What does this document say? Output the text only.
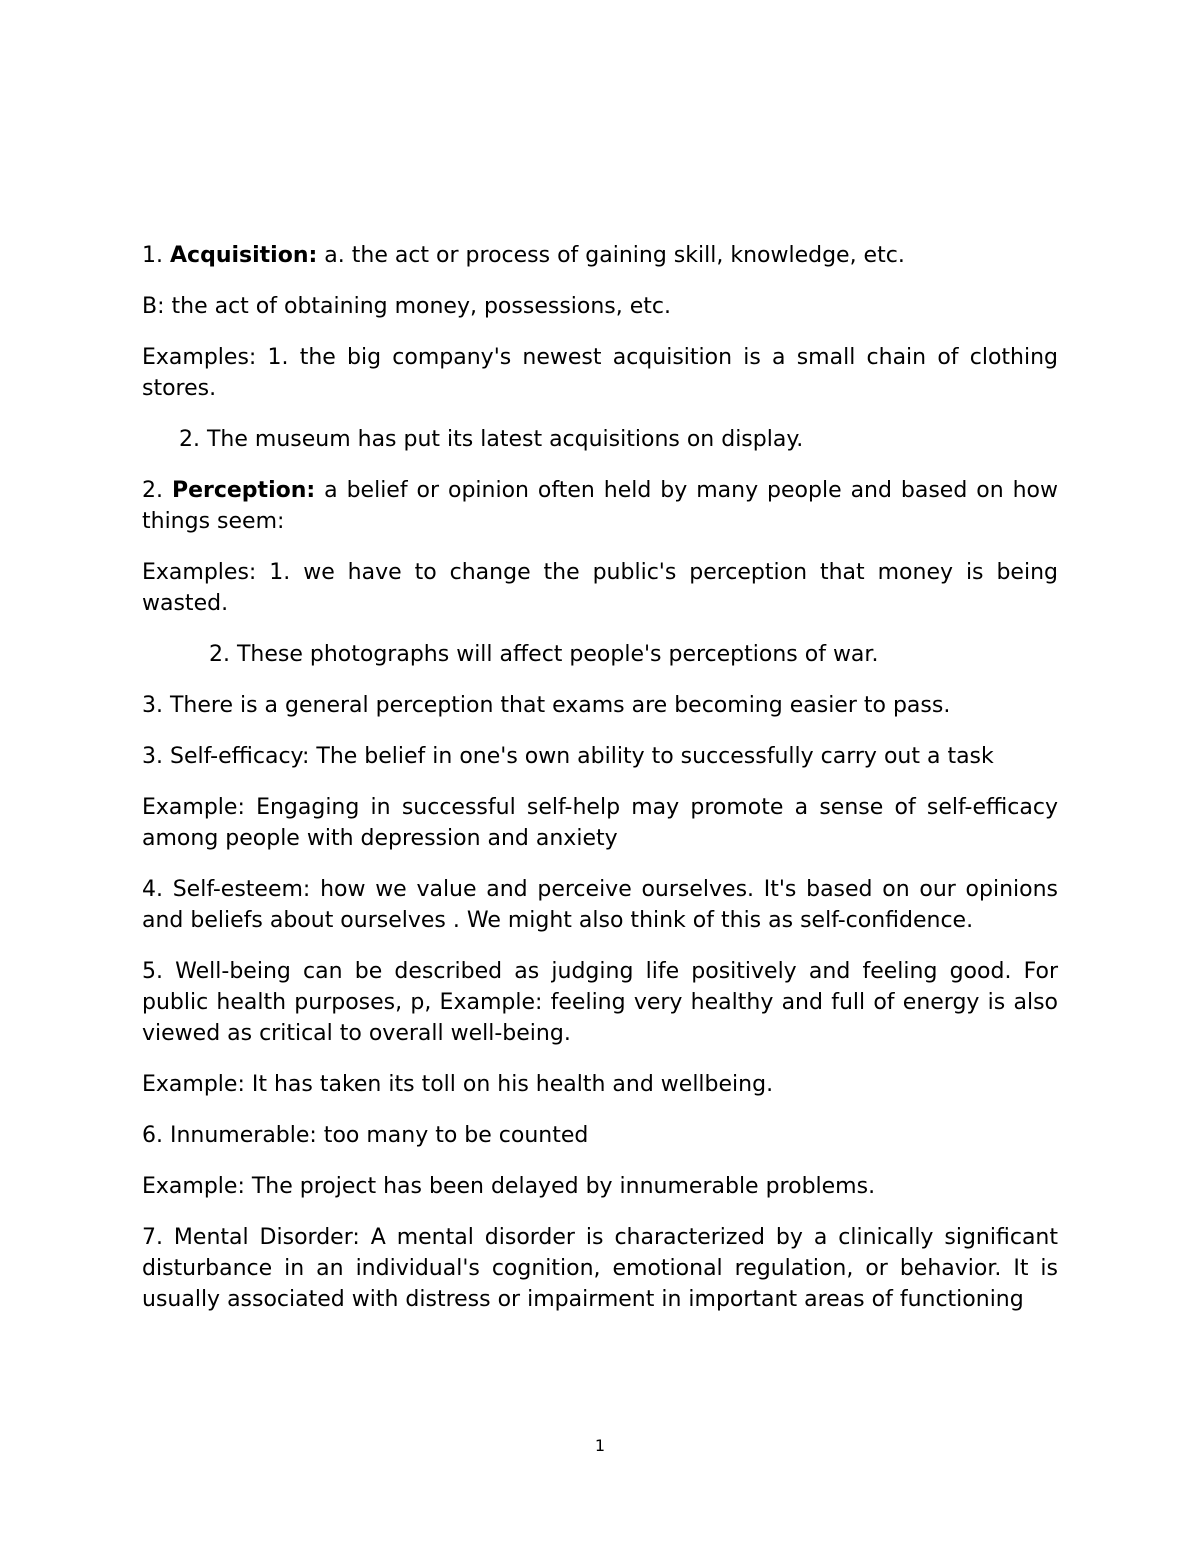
1. Acquisition: a. the act or process of gaining skill, knowledge, etc.

B: the act of obtaining money, possessions, etc.

Examples: 1. the big company's newest acquisition is a small chain of clothing stores.

2. The museum has put its latest acquisitions on display.

2. Perception: a belief or opinion often held by many people and based on how things seem:

Examples: 1. we have to change the public's perception that money is being wasted.

2. These photographs will affect people's perceptions of war.

3. There is a general perception that exams are becoming easier to pass.

3. Self-efficacy: The belief in one's own ability to successfully carry out a task

Example: Engaging in successful self-help may promote a sense of self-efficacy among people with depression and anxiety

4. Self-esteem: how we value and perceive ourselves. It's based on our opinions and beliefs about ourselves . We might also think of this as self-confidence.

5. Well-being can be described as judging life positively and feeling good. For public health purposes, p, Example: feeling very healthy and full of energy is also viewed as critical to overall well-being.

Example: It has taken its toll on his health and wellbeing.

6. Innumerable: too many to be counted

Example: The project has been delayed by innumerable problems.

7. Mental Disorder: A mental disorder is characterized by a clinically significant disturbance in an individual's cognition, emotional regulation, or behavior. It is usually associated with distress or impairment in important areas of functioning

1
